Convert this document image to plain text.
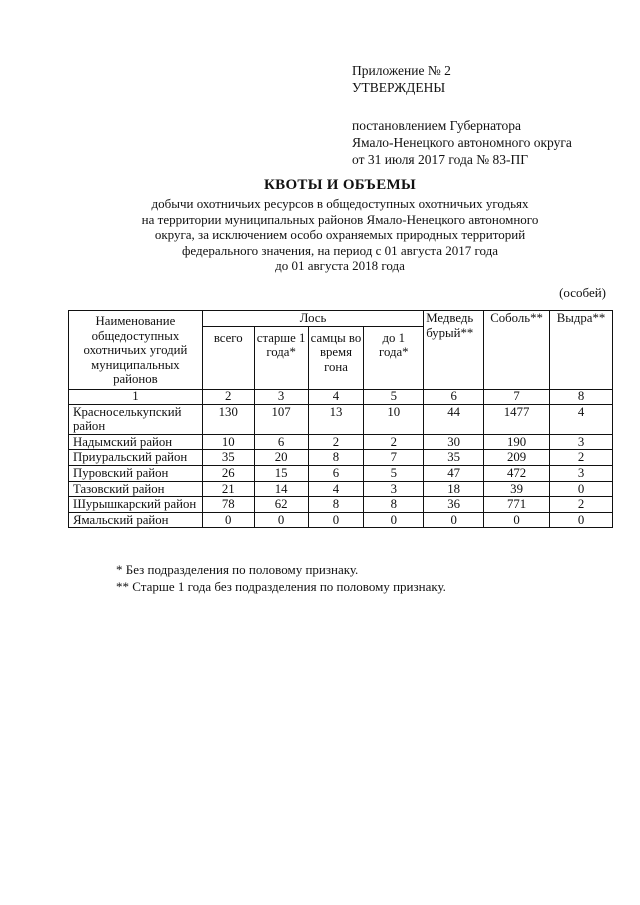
Приложение № 2
УТВЕРЖДЕНЫ
постановлением Губернатора
Ямало-Ненецкого автономного округа
от 31 июля 2017 года № 83-ПГ
КВОТЫ И ОБЪЕМЫ
добычи охотничьих ресурсов в общедоступных охотничьих угодьях
на территории муниципальных районов Ямало-Ненецкого автономного
округа, за исключением особо охраняемых природных территорий
федерального значения, на период с 01 августа 2017 года
до 01 августа 2018 года
(особей)
Наименование общедоступных охотничьих угодий муниципальных районов	Лось				Медведь бурый**	Соболь**	Выдра**
	всего	старше 1 года*	самцы во время гона	до 1 года*			
1	2	3	4	5	6	7	8
Красноселькупский район	130	107	13	10	44	1477	4
Надымский район	10	6	2	2	30	190	3
Приуральский район	35	20	8	7	35	209	2
Пуровский район	26	15	6	5	47	472	3
Тазовский район	21	14	4	3	18	39	0
Шурышкарский район	78	62	8	8	36	771	2
Ямальский район	0	0	0	0	0	0	0
* Без подразделения по половому признаку.
** Старше 1 года без подразделения по половому признаку.
